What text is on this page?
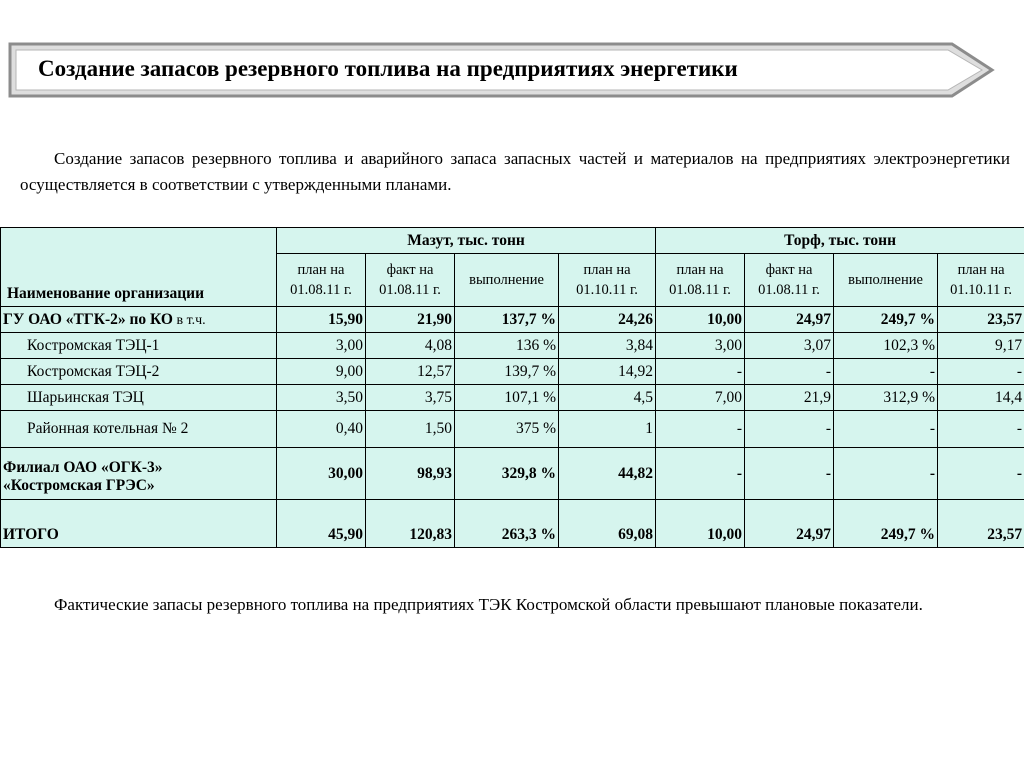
Создание запасов резервного топлива на предприятиях энергетики
Создание запасов резервного топлива и аварийного запаса запасных частей и материалов на предприятиях электроэнергетики осуществляется в соответствии с утвержденными планами.
Наименование организации	Мазут, тыс. тонн				Торф, тыс. тонн			
	план на 01.08.11 г.	факт на 01.08.11 г.	выполнение	план на 01.10.11 г.	план на 01.08.11 г.	факт на 01.08.11 г.	выполнение	план на 01.10.11 г.
ГУ ОАО «ТГК-2» по КО в т.ч.	15,90	21,90	137,7 %	24,26	10,00	24,97	249,7 %	23,57
Костромская ТЭЦ-1	3,00	4,08	136 %	3,84	3,00	3,07	102,3 %	9,17
Костромская ТЭЦ-2	9,00	12,57	139,7 %	14,92	-	-	-	-
Шарьинская ТЭЦ	3,50	3,75	107,1 %	4,5	7,00	21,9	312,9 %	14,4
Районная котельная № 2	0,40	1,50	375 %	1	-	-	-	-
Филиал ОАО «ОГК-3»
«Костромская ГРЭС»	30,00	98,93	329,8 %	44,82	-	-	-	-
ИТОГО	45,90	120,83	263,3 %	69,08	10,00	24,97	249,7 %	23,57
Фактические запасы резервного топлива на предприятиях ТЭК Костромской области превышают плановые показатели.
